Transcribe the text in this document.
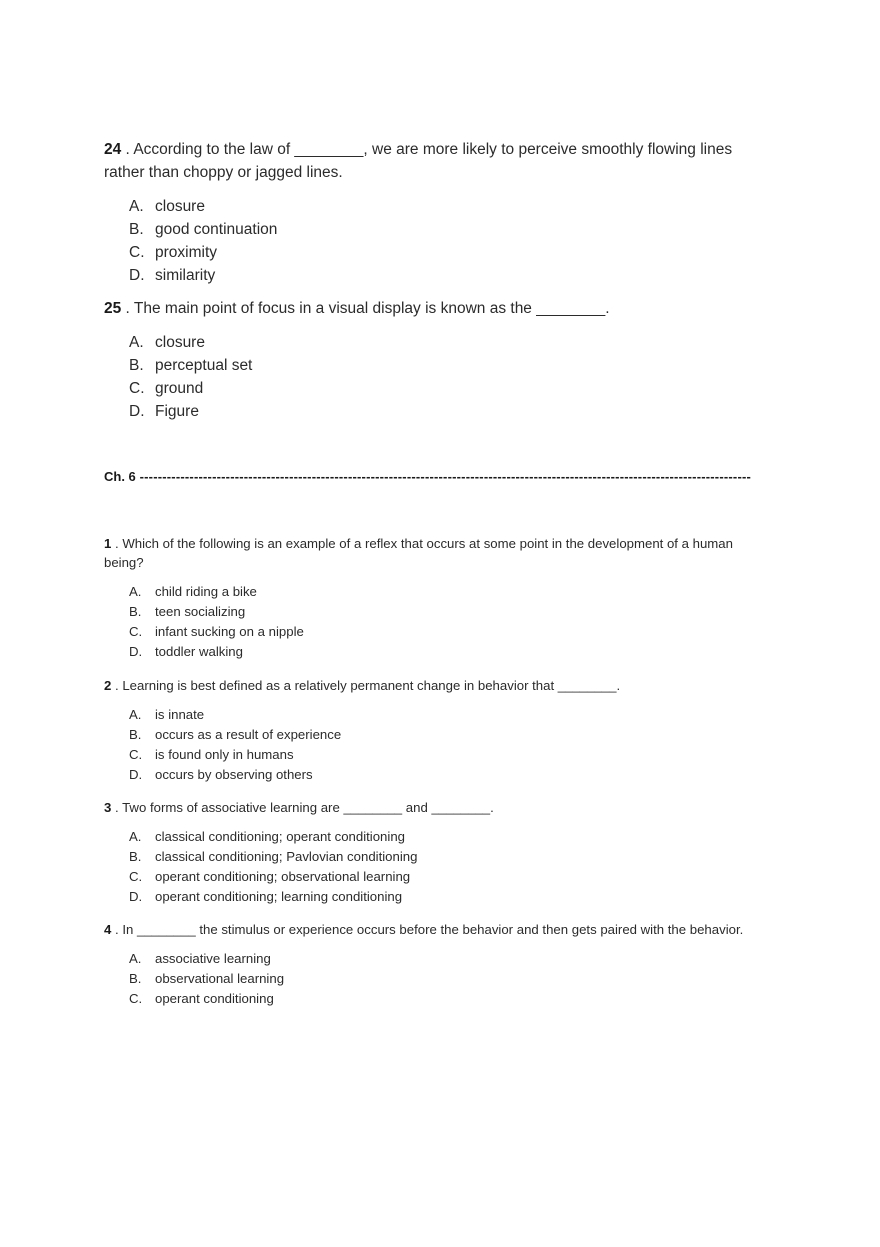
24 . According to the law of ________, we are more likely to perceive smoothly flowing lines rather than choppy or jagged lines.

A. closure
B. good continuation
C. proximity
D. similarity

25 . The main point of focus in a visual display is known as the ________.

A. closure
B. perceptual set
C. ground
D. Figure
Ch. 6 ---------------------------------------------------------------------------------------------------------------------------------------

1 . Which of the following is an example of a reflex that occurs at some point in the development of a human being?

A. child riding a bike
B. teen socializing
C. infant sucking on a nipple
D. toddler walking

2 . Learning is best defined as a relatively permanent change in behavior that ________.

A. is innate
B. occurs as a result of experience
C. is found only in humans
D. occurs by observing others

3 . Two forms of associative learning are ________ and ________.

A. classical conditioning; operant conditioning
B. classical conditioning; Pavlovian conditioning
C. operant conditioning; observational learning
D. operant conditioning; learning conditioning

4 . In ________ the stimulus or experience occurs before the behavior and then gets paired with the behavior.

A. associative learning
B. observational learning
C. operant conditioning
